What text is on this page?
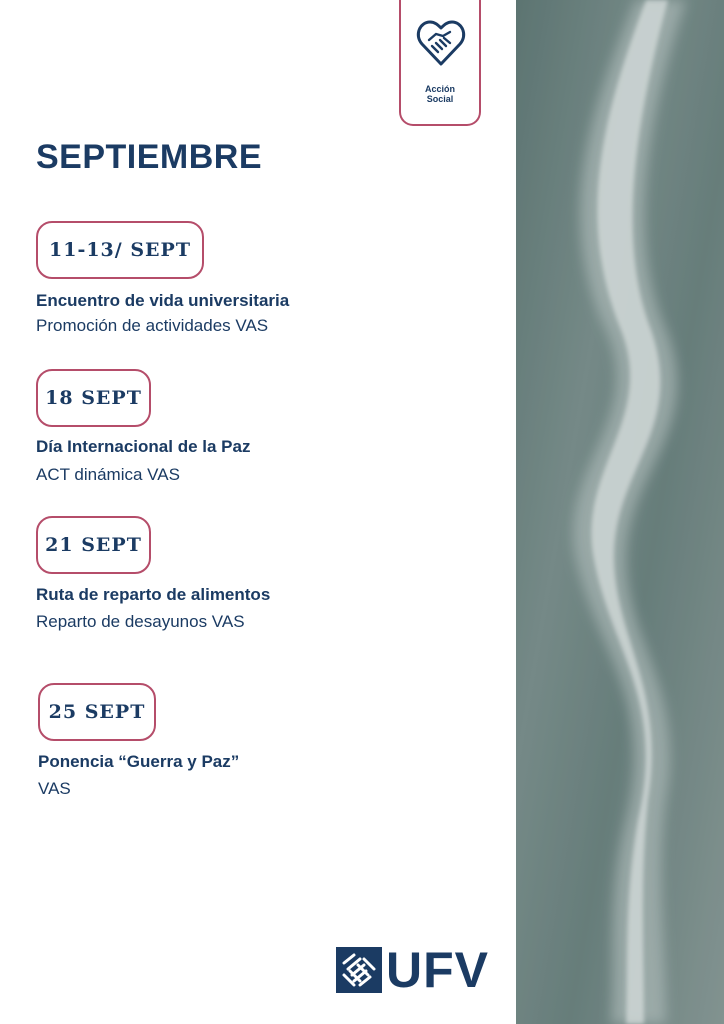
Acción
Social
SEPTIEMBRE
11-13/ SEPT
Encuentro de vida universitaria
Promoción de actividades VAS
18 SEPT
Día Internacional de la Paz
ACT dinámica VAS
21 SEPT
Ruta de reparto de alimentos
Reparto de desayunos VAS
25 SEPT
Ponencia “Guerra y Paz”
VAS
UFV
